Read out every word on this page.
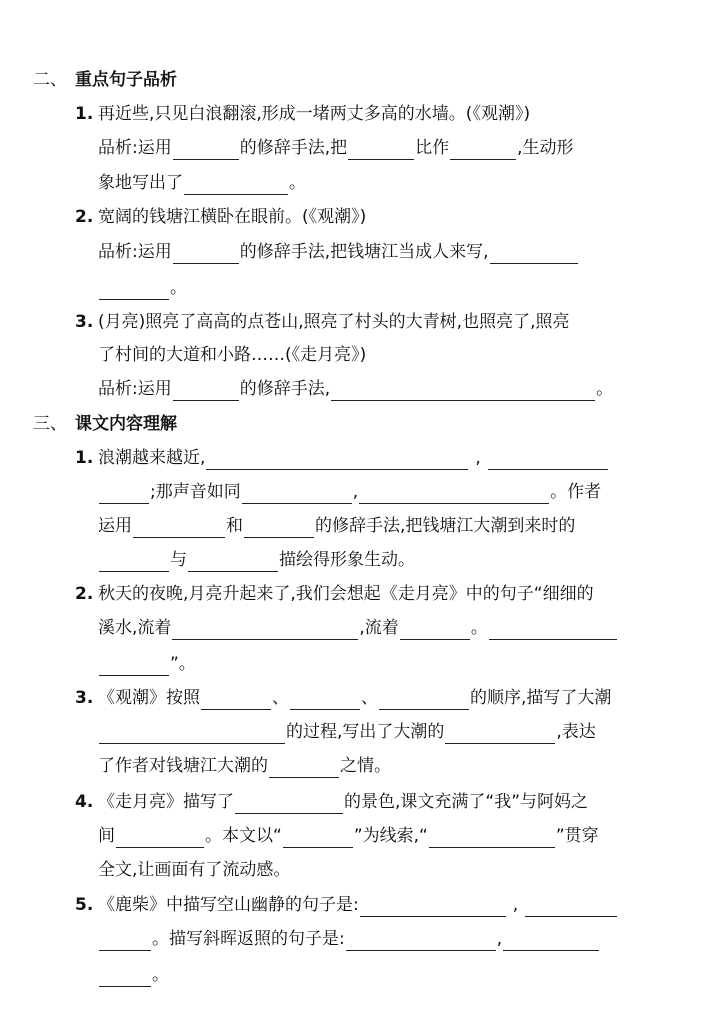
二、 重点句子品析
1. 再近些,只见白浪翻滚,形成一堵两丈多高的水墙。(《观潮》)
品析:运用	的修辞手法,把	比作	,生动形
象地写出了	。
2. 宽阔的钱塘江横卧在眼前。(《观潮》)
品析:运用	的修辞手法,把钱塘江当成人来写,
。
3. (月亮)照亮了高高的点苍山,照亮了村头的大青树,也照亮了,照亮
了村间的大道和小路……(《走月亮》)
品析:运用	的修辞手法,	。
三、 课文内容理解
1. 浪潮越来越近,	,
;那声音如同	,	。作者
运用	和	的修辞手法,把钱塘江大潮到来时的
与	描绘得形象生动。
2. 秋天的夜晚,月亮升起来了,我们会想起《走月亮》中的句子“细细的
溪水,流着	,流着	。
”。
3. 《观潮》按照	、	、	的顺序,描写了大潮
的过程,写出了大潮的	,表达
了作者对钱塘江大潮的	之情。
4. 《走月亮》描写了	的景色,课文充满了“我”与阿妈之
间	。本文以“	”为线索,“	”贯穿
全文,让画面有了流动感。
5. 《鹿柴》中描写空山幽静的句子是:	,
。描写斜晖返照的句子是:	,
。
